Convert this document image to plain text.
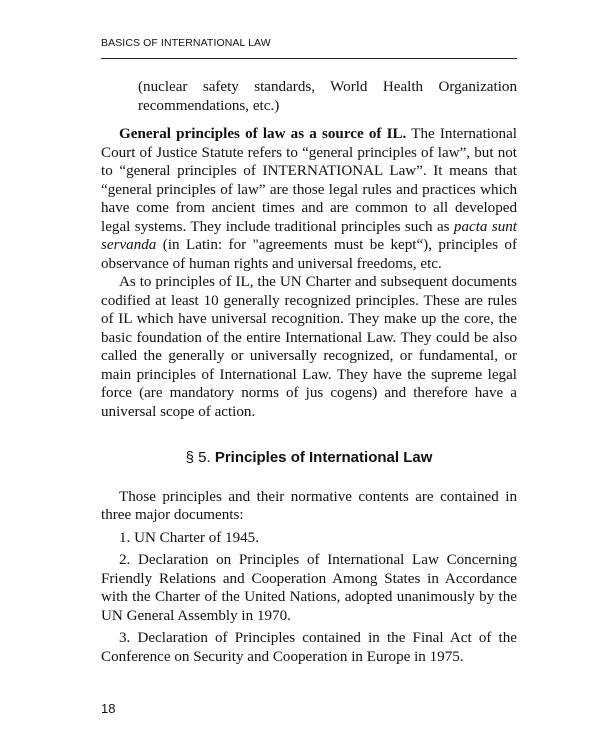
BASICS OF INTERNATIONAL LAW

(nuclear safety standards, World Health Organization recommendations, etc.)

General principles of law as a source of IL. The International Court of Justice Statute refers to “general principles of law”, but not to “general principles of INTERNATIONAL Law”. It means that “general principles of law” are those legal rules and practices which have come from ancient times and are common to all developed legal systems. They include traditional principles such as pacta sunt servanda (in Latin: for "agreements must be kept“), principles of observance of human rights and universal freedoms, etc.

As to principles of IL, the UN Charter and subsequent documents codified at least 10 generally recognized principles. These are rules of IL which have universal recognition. They make up the core, the basic foundation of the entire International Law. They could be also called the generally or universally recognized, or fundamental, or main principles of International Law. They have the supreme legal force (are mandatory norms of jus cogens) and therefore have a universal scope of action.

§ 5. Principles of International Law

Those principles and their normative contents are contained in three major documents:

1. UN Charter of 1945.

2. Declaration on Principles of International Law Concerning Friendly Relations and Cooperation Among States in Accordance with the Charter of the United Nations, adopted unanimously by the UN General Assembly in 1970.

3. Declaration of Principles contained in the Final Act of the Conference on Security and Cooperation in Europe in 1975.

18
